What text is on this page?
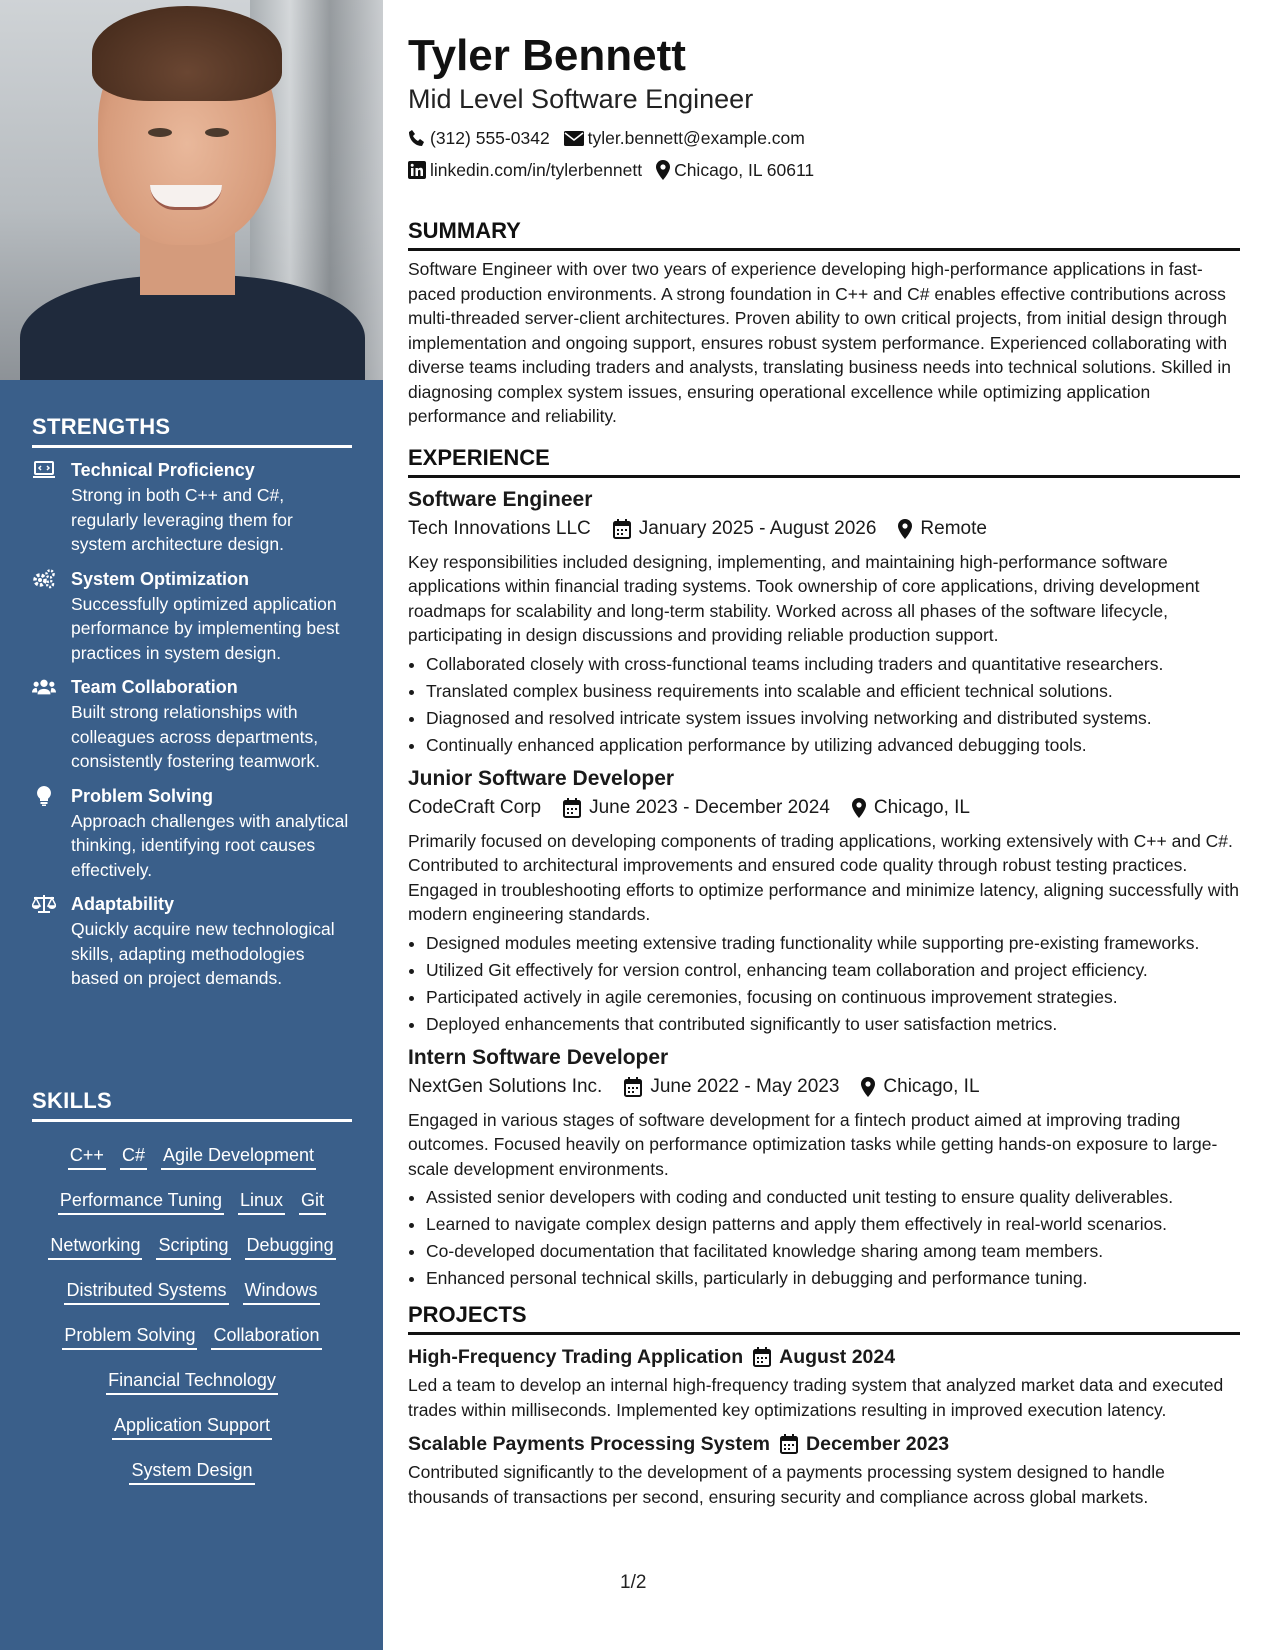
STRENGTHS
Technical Proficiency
Strong in both C++ and C#, regularly leveraging them for system architecture design.
System Optimization
Successfully optimized application performance by implementing best practices in system design.
Team Collaboration
Built strong relationships with colleagues across departments, consistently fostering teamwork.
Problem Solving
Approach challenges with analytical thinking, identifying root causes effectively.
Adaptability
Quickly acquire new technological skills, adapting methodologies based on project demands.
SKILLS
C++ C# Agile Development
Performance Tuning Linux Git
Networking Scripting Debugging
Distributed Systems Windows
Problem Solving Collaboration
Financial Technology
Application Support
System Design
Tyler Bennett
Mid Level Software Engineer
(312) 555-0342 tyler.bennett@example.com
linkedin.com/in/tylerbennett Chicago, IL 60611
SUMMARY

Software Engineer with over two years of experience developing high-performance applications in fast-paced production environments. A strong foundation in C++ and C# enables effective contributions across multi-threaded server-client architectures. Proven ability to own critical projects, from initial design through implementation and ongoing support, ensures robust system performance. Experienced collaborating with diverse teams including traders and analysts, translating business needs into technical solutions. Skilled in diagnosing complex system issues, ensuring operational excellence while optimizing application performance and reliability.

EXPERIENCE
Software Engineer
Tech Innovations LLC	January 2025 - August 2026 Remote

Key responsibilities included designing, implementing, and maintaining high-performance software applications within financial trading systems. Took ownership of core applications, driving development roadmaps for scalability and long-term stability. Worked across all phases of the software lifecycle, participating in design discussions and providing reliable production support.

• Collaborated closely with cross-functional teams including traders and quantitative researchers.
• Translated complex business requirements into scalable and efficient technical solutions.
• Diagnosed and resolved intricate system issues involving networking and distributed systems.
• Continually enhanced application performance by utilizing advanced debugging tools.
Junior Software Developer
CodeCraft Corp	June 2023 - December 2024 Chicago, IL

Primarily focused on developing components of trading applications, working extensively with C++ and C#. Contributed to architectural improvements and ensured code quality through robust testing practices. Engaged in troubleshooting efforts to optimize performance and minimize latency, aligning successfully with modern engineering standards.

• Designed modules meeting extensive trading functionality while supporting pre-existing frameworks.
• Utilized Git effectively for version control, enhancing team collaboration and project efficiency.
• Participated actively in agile ceremonies, focusing on continuous improvement strategies.
• Deployed enhancements that contributed significantly to user satisfaction metrics.
Intern Software Developer
NextGen Solutions Inc.	June 2022 - May 2023 Chicago, IL

Engaged in various stages of software development for a fintech product aimed at improving trading outcomes. Focused heavily on performance optimization tasks while getting hands-on exposure to large-scale development environments.

• Assisted senior developers with coding and conducted unit testing to ensure quality deliverables.
• Learned to navigate complex design patterns and apply them effectively in real-world scenarios.
• Co-developed documentation that facilitated knowledge sharing among team members.
• Enhanced personal technical skills, particularly in debugging and performance tuning.
PROJECTS
High-Frequency Trading Application August 2024

Led a team to develop an internal high-frequency trading system that analyzed market data and executed trades within milliseconds. Implemented key optimizations resulting in improved execution latency.

Scalable Payments Processing System December 2023

Contributed significantly to the development of a payments processing system designed to handle thousands of transactions per second, ensuring security and compliance across global markets.

1/2
